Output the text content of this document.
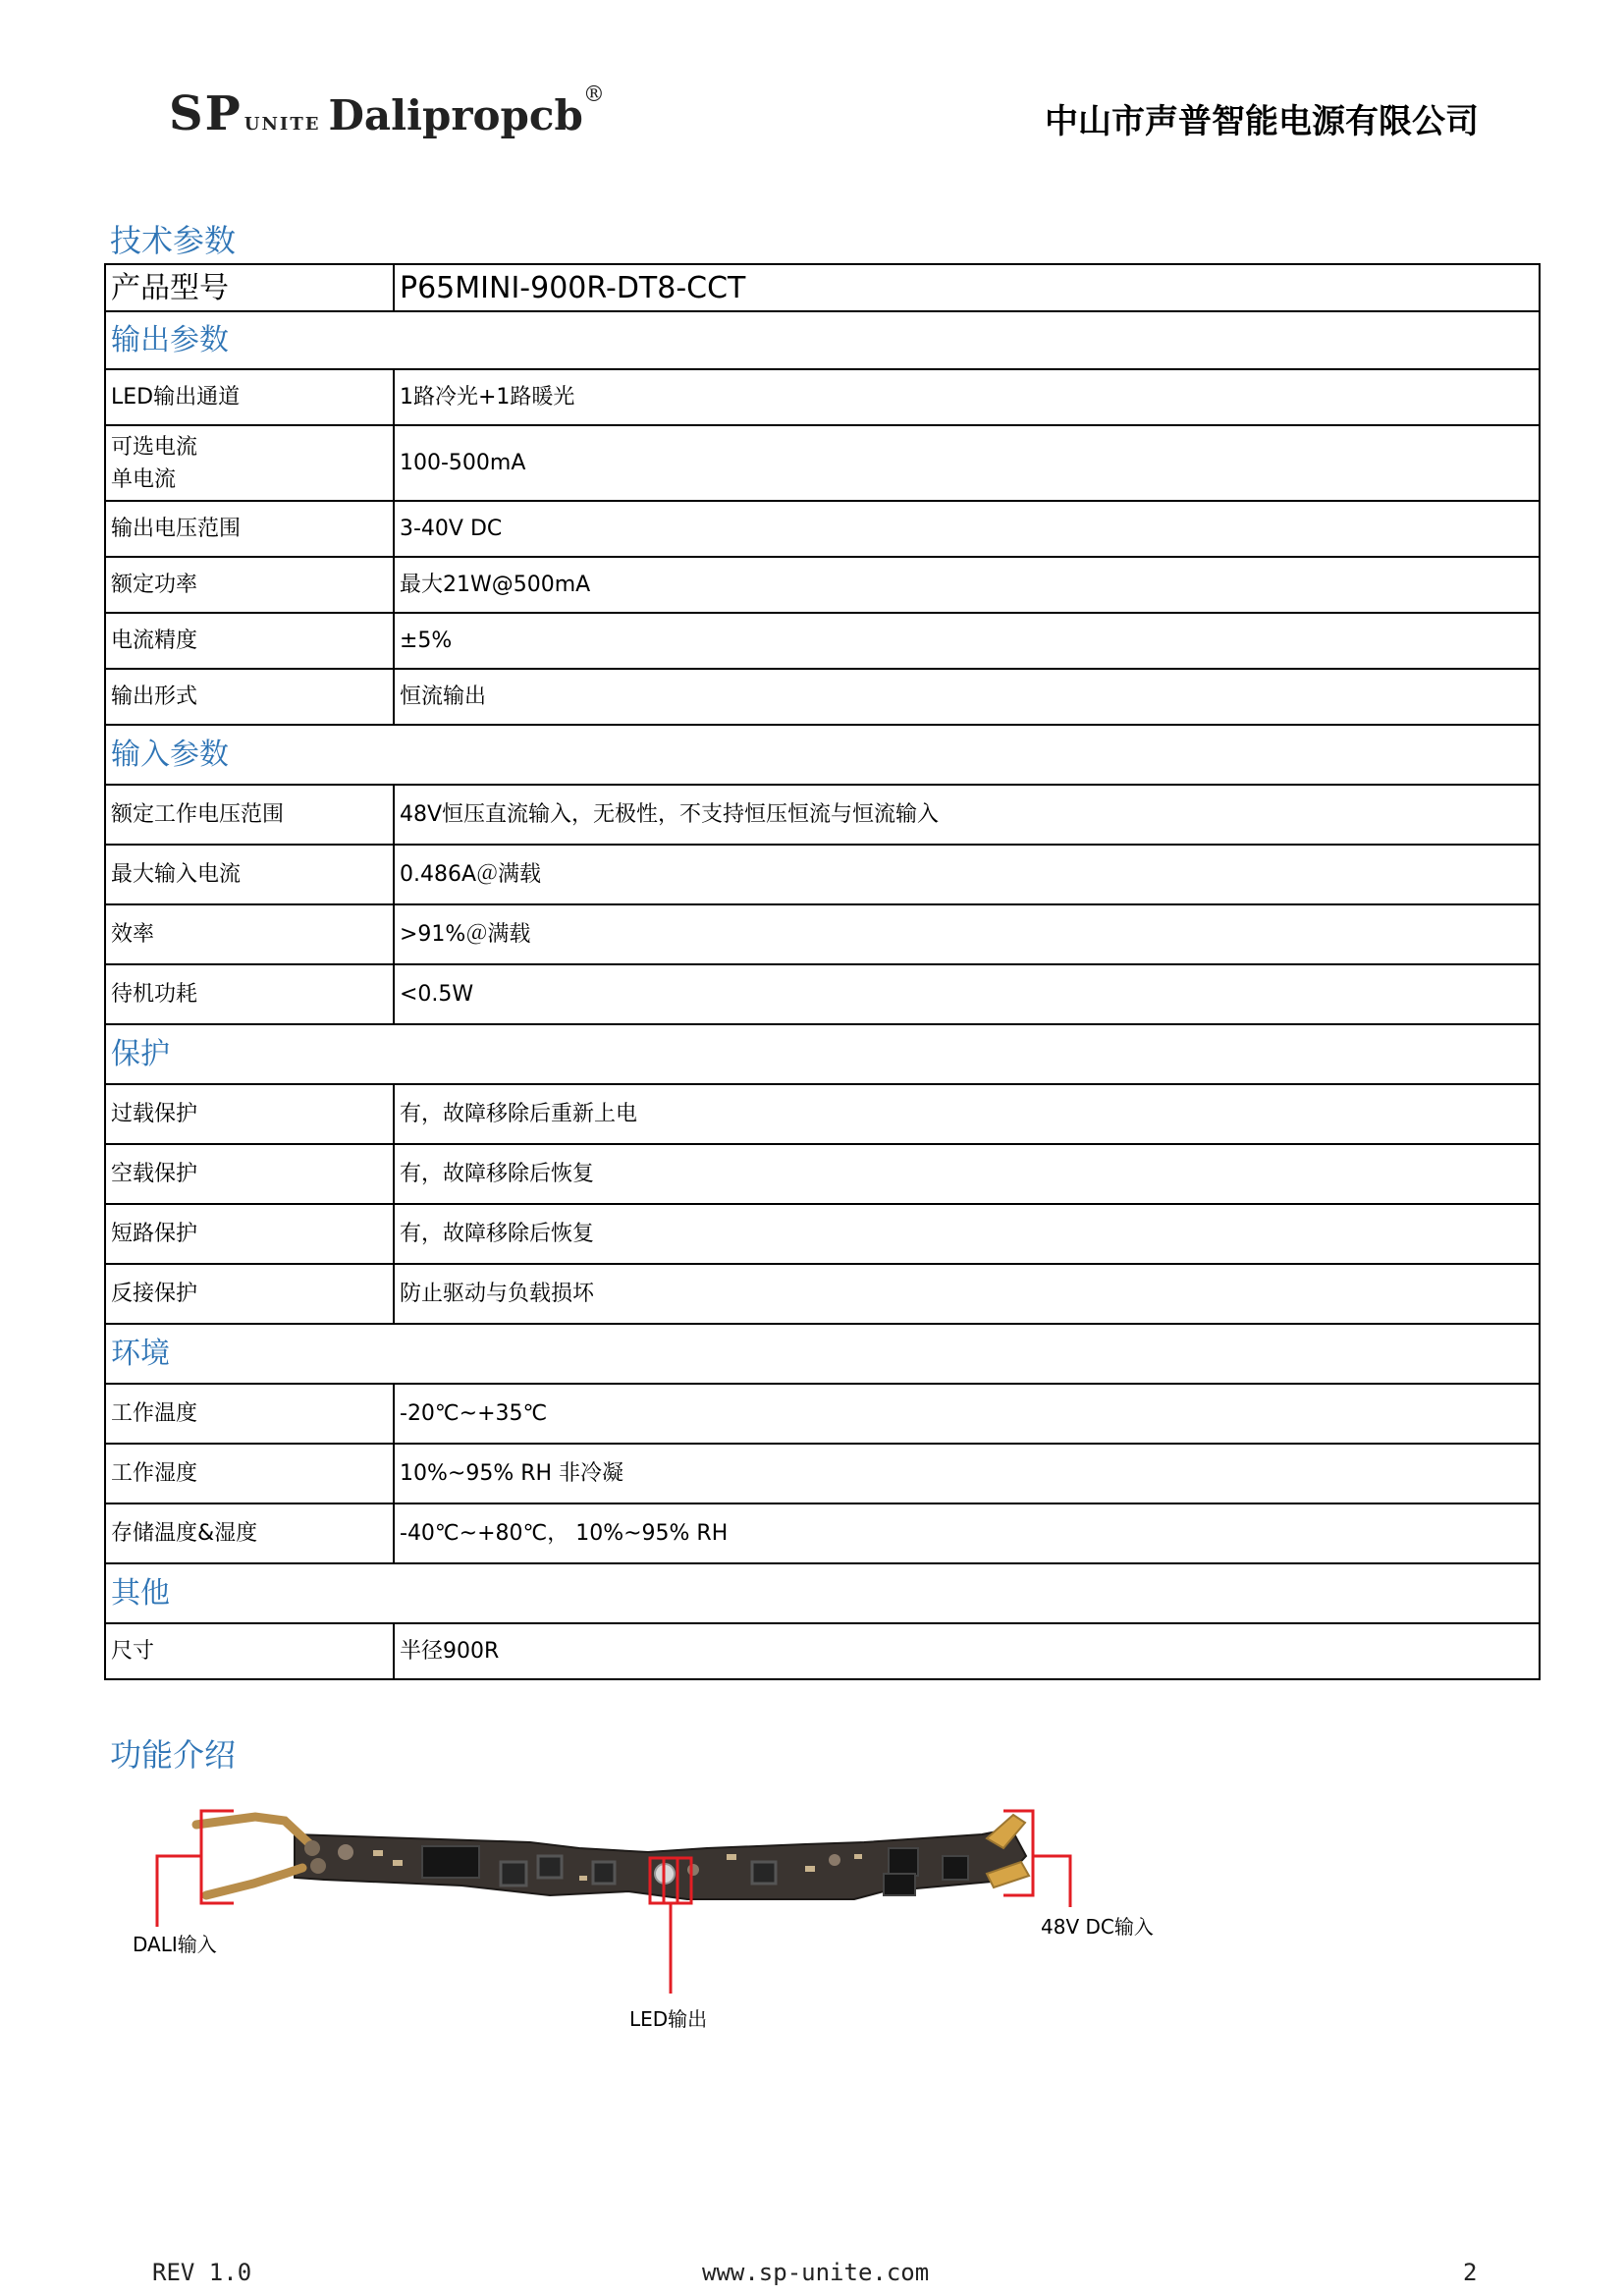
SP UNITE Dalipropcb®
中山市声普智能电源有限公司
技术参数
产品型号	P65MINI-900R-DT8-CCT
输出参数	
LED输出通道	1路冷光+1路暖光
可选电流
单电流	100-500mA
输出电压范围	3-40V DC
额定功率	最大21W@500mA
电流精度	±5%
输出形式	恒流输出
输入参数	
额定工作电压范围	48V恒压直流输入，无极性，不支持恒压恒流与恒流输入
最大输入电流	0.486A＠满载
效率	>91%＠满载
待机功耗	<0.5W
保护	
过载保护	有，故障移除后重新上电
空载保护	有，故障移除后恢复
短路保护	有，故障移除后恢复
反接保护	防止驱动与负载损坏
环境	
工作温度	-20℃~+35℃
工作湿度	10%~95% RH 非冷凝
存储温度&湿度	-40℃~+80℃， 10%~95% RH
其他	
尺寸	半径900R
功能介绍
DALI输入
48V DC输入
LED输出
REV 1.0	www.sp-unite.com	2
